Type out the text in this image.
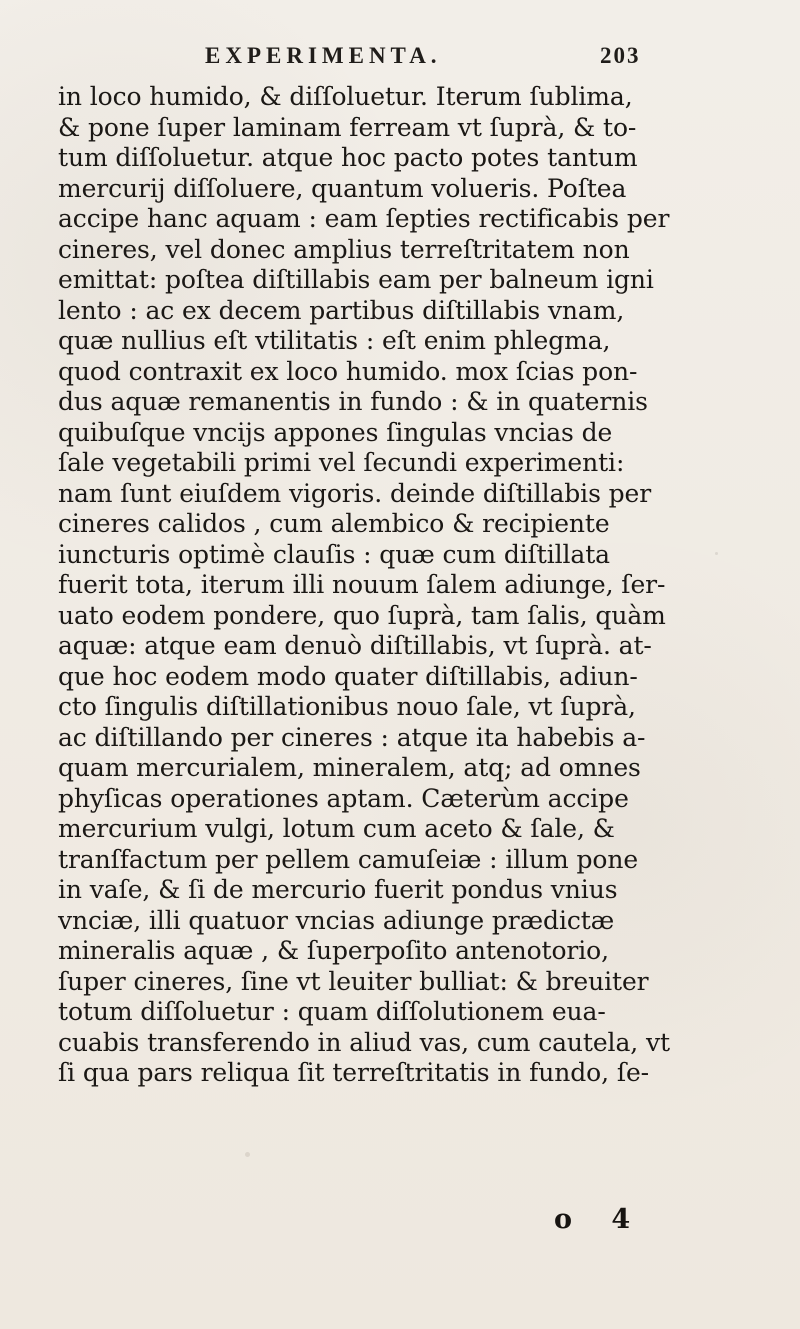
EXPERIMENTA.	203
in loco humido, & diſſoluetur. Iterum ſublima,
& pone ſuper laminam ferream vt ſuprà, & to-
tum diſſoluetur. atque hoc pacto potes tantum
mercurij diſſoluere, quantum volueris. Poſtea
accipe hanc aquam : eam ſepties rectificabis per
cineres, vel donec amplius terreſtritatem non
emittat: poſtea diſtillabis eam per balneum igni
lento : ac ex decem partibus diſtillabis vnam,
quæ nullius eſt vtilitatis : eſt enim phlegma,
quod contraxit ex loco humido. mox ſcias pon-
dus aquæ remanentis in fundo : & in quaternis
quibuſque vncijs appones ſingulas vncias de
ſale vegetabili primi vel ſecundi experimenti:
nam ſunt eiuſdem vigoris. deinde diſtillabis per
cineres calidos , cum alembico & recipiente
iuncturis optimè clauſis : quæ cum diſtillata
fuerit tota, iterum illi nouum ſalem adiunge, ſer-
uato eodem pondere, quo ſuprà, tam ſalis, quàm
aquæ: atque eam denuò diſtillabis, vt ſuprà. at-
que hoc eodem modo quater diſtillabis, adiun-
cto ſingulis diſtillationibus nouo ſale, vt ſuprà,
ac diſtillando per cineres : atque ita habebis a-
quam mercurialem, mineralem, atq; ad omnes
phyſicas operationes aptam. Cæterùm accipe
mercurium vulgi, lotum cum aceto & ſale, &
tranſfactum per pellem camuſeiæ : illum pone
in vaſe, & ſi de mercurio fuerit pondus vnius
vnciæ, illi quatuor vncias adiunge prædictæ
mineralis aquæ , & ſuperpoſito antenotorio,
ſuper cineres, ſine vt leuiter bulliat: & breuiter
totum diſſoluetur : quam diſſolutionem eua-
cuabis transferendo in aliud vas, cum cautela, vt
ſi qua pars reliqua ſit terreſtritatis in fundo, ſe-
o 4
